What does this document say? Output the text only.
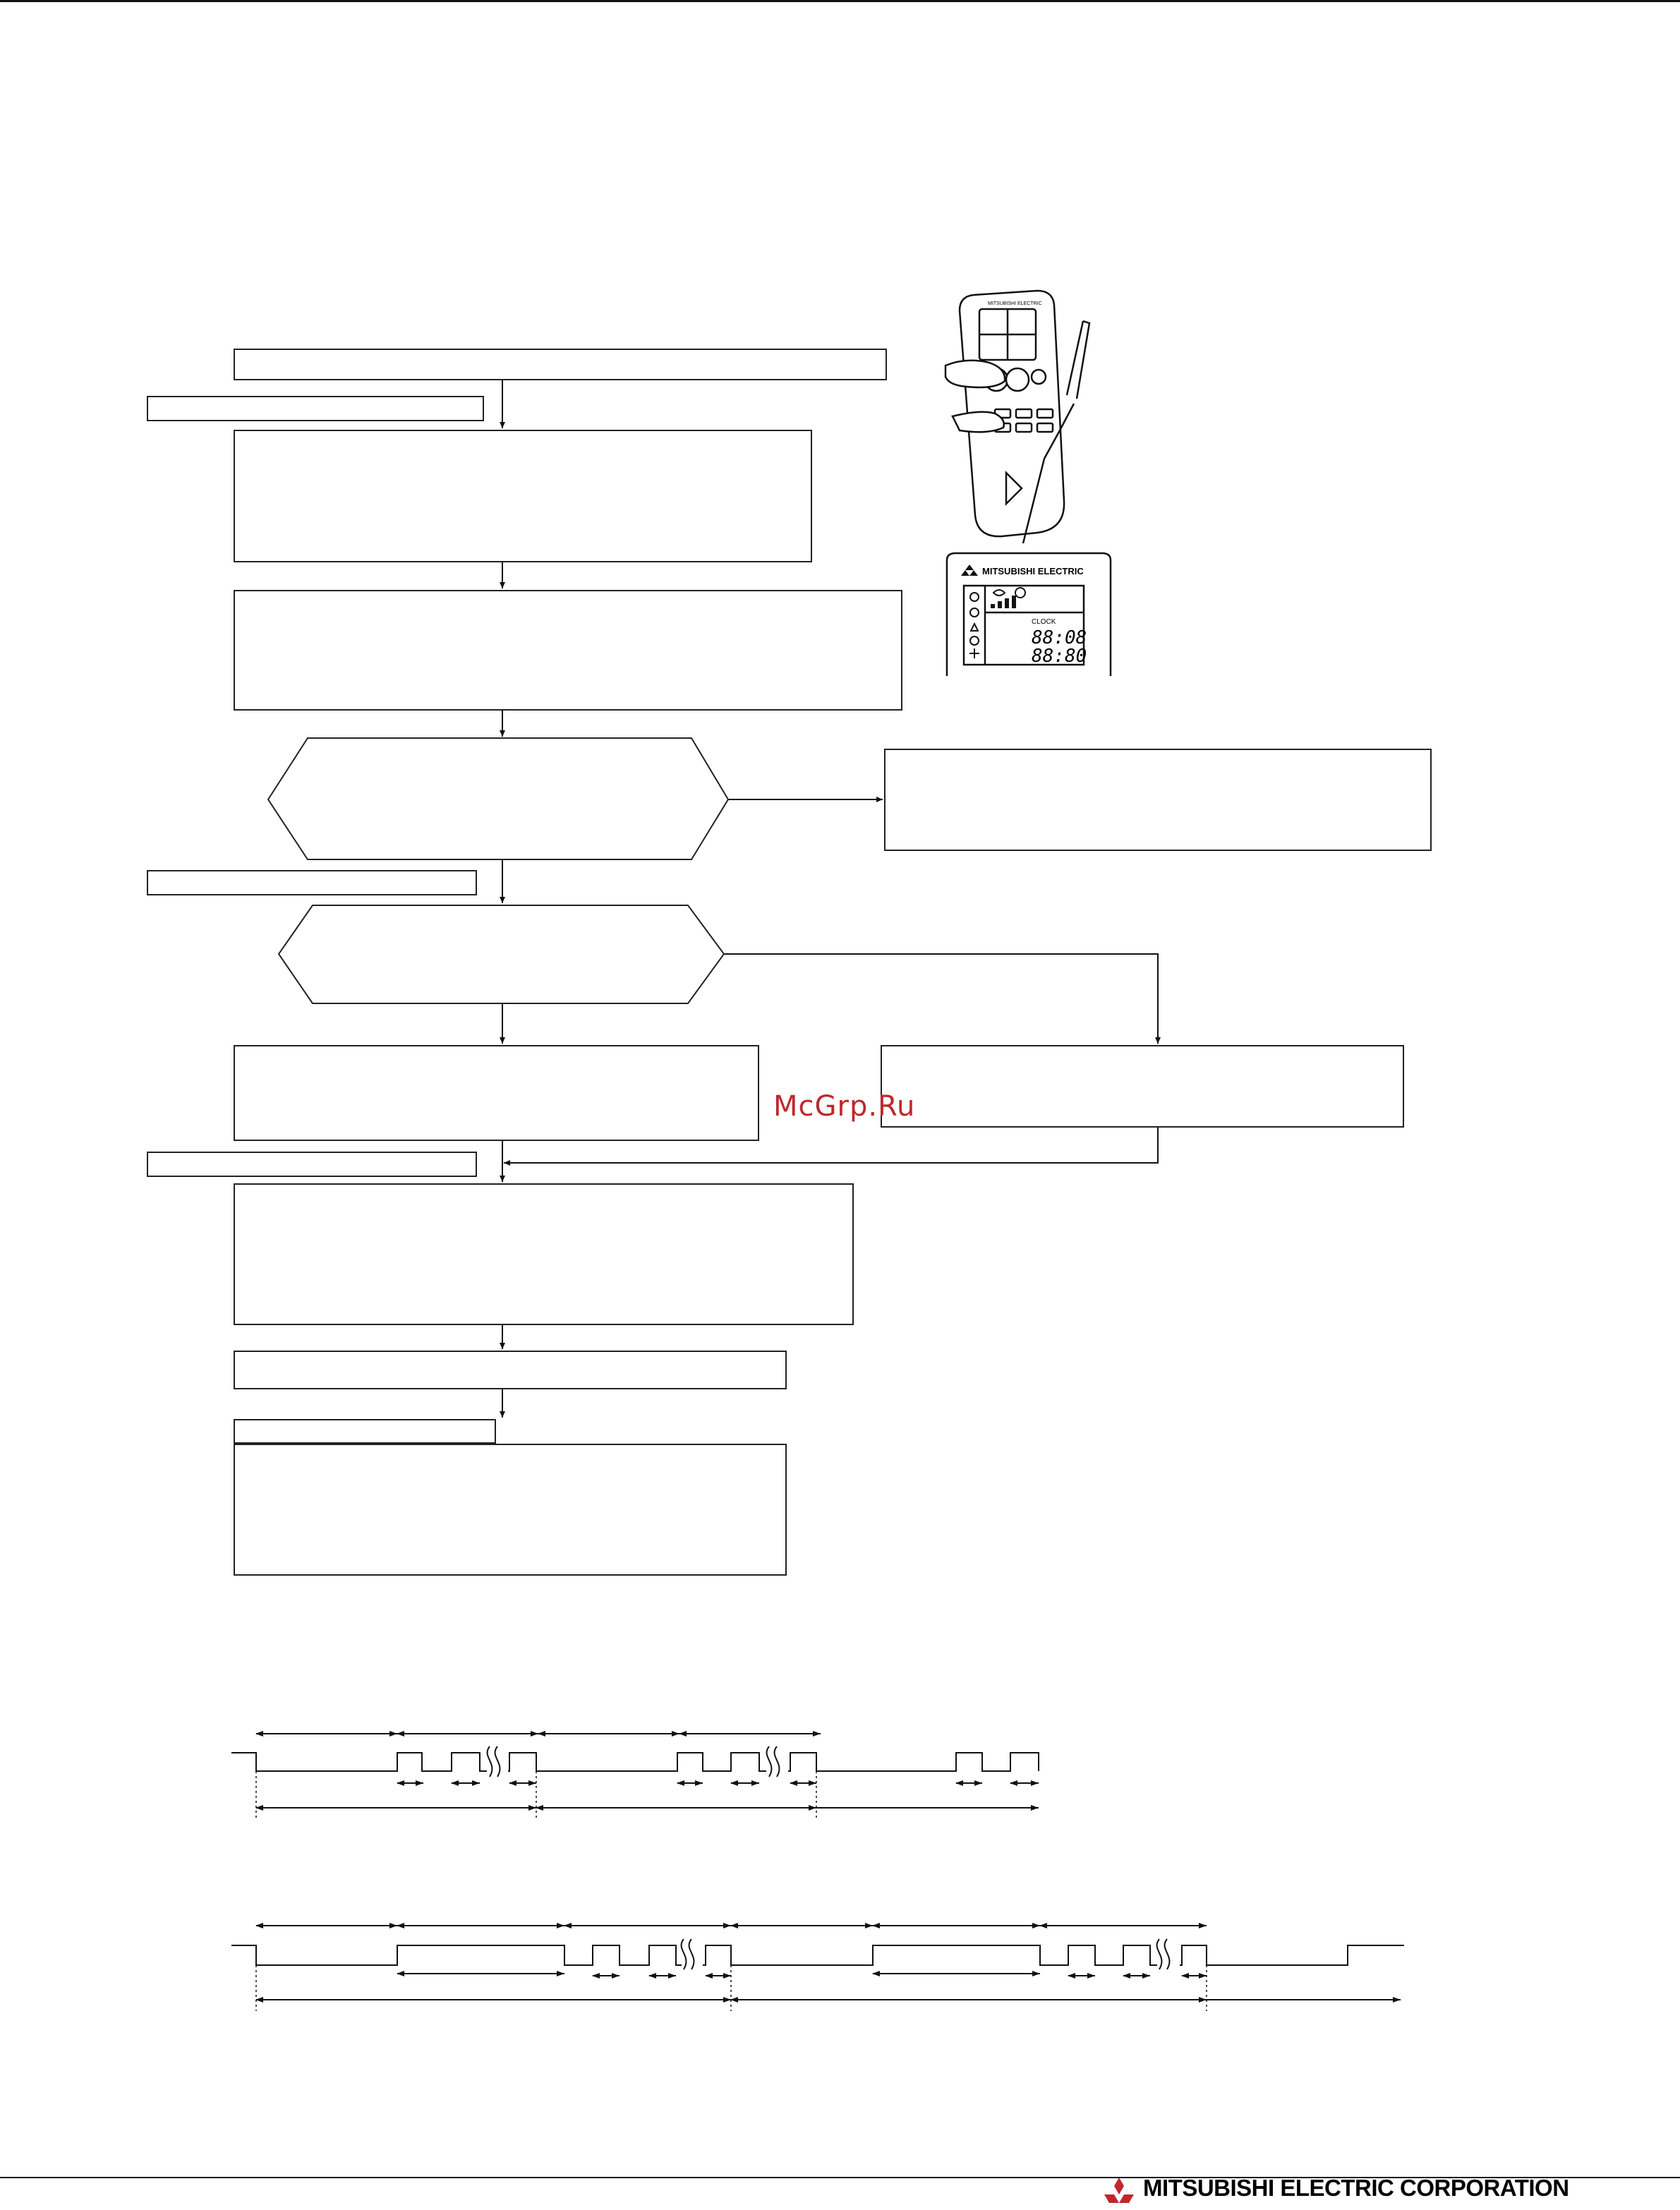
MITSUBISHI ELECTRIC
MITSUBISHI ELECTRIC
CLOCK
88:08
88:80
McGrp.Ru
MITSUBISHI ELECTRIC CORPORATION
